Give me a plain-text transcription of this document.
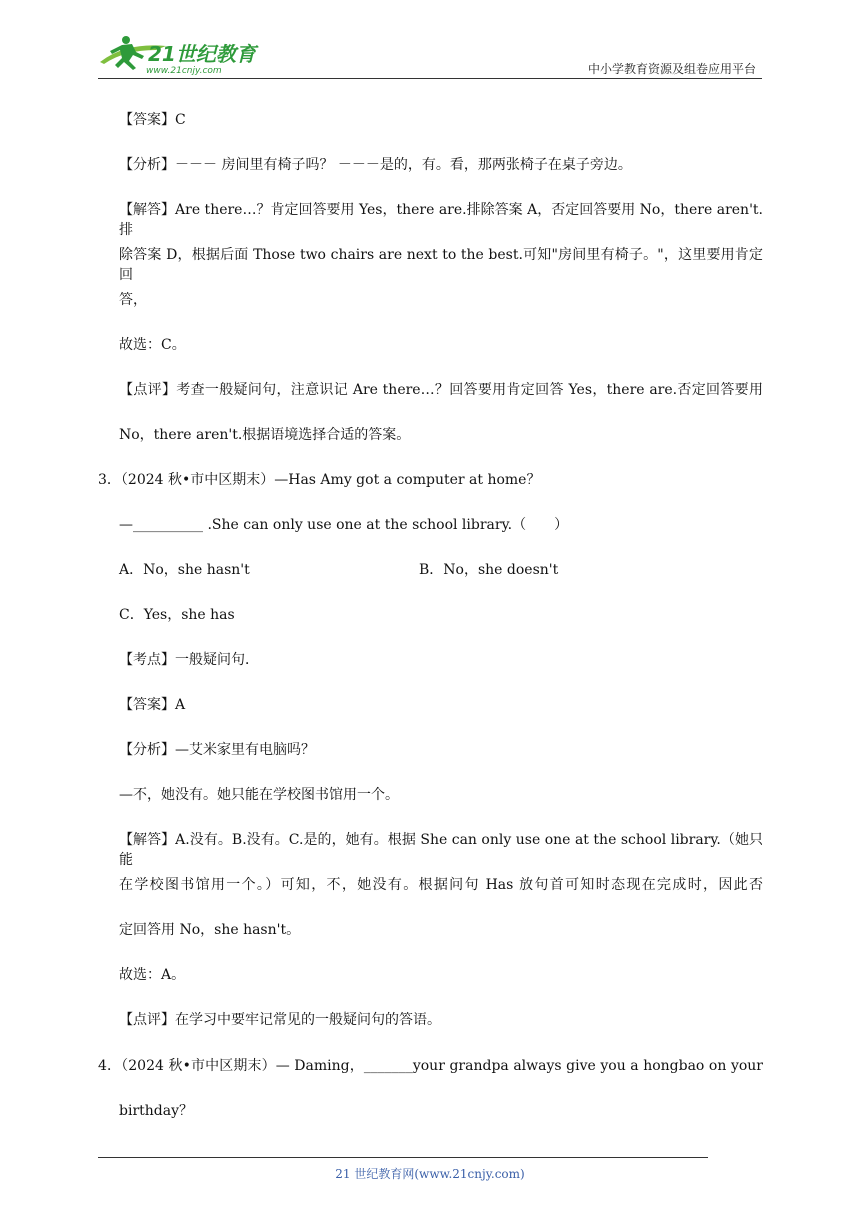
21世纪教育
www.21cnjy.com	中小学教育资源及组卷应用平台
【答案】C
【分析】－－－ 房间里有椅子吗？ －－－是的，有。看，那两张椅子在桌子旁边。
【解答】Are there…？肯定回答要用 Yes，there are.排除答案 A，否定回答要用 No，there aren't.排
除答案 D，根据后面 Those two chairs are next to the best.可知"房间里有椅子。"，这里要用肯定回
答，
故选：C。
【点评】考查一般疑问句，注意识记 Are there…？回答要用肯定回答 Yes，there are.否定回答要用
No，there aren't.根据语境选择合适的答案。
3．（2024 秋•市中区期末）—Has Amy got a computer at home？
—__________ .She can only use one at the school library.（　　）
A．No，she hasn't	B．No，she doesn't
C．Yes，she has
【考点】一般疑问句．
【答案】A
【分析】—艾米家里有电脑吗？
—不，她没有。她只能在学校图书馆用一个。
【解答】A.没有。B.没有。C.是的，她有。根据 She can only use one at the school library.（她只能
在学校图书馆用一个。）可知，不，她没有。根据问句 Has 放句首可知时态现在完成时，因此否
定回答用 No，she hasn't。
故选：A。
【点评】在学习中要牢记常见的一般疑问句的答语。
4．（2024 秋•市中区期末）— Daming，_______your grandpa always give you a hongbao on your
birthday？
21 世纪教育网(www.21cnjy.com)
